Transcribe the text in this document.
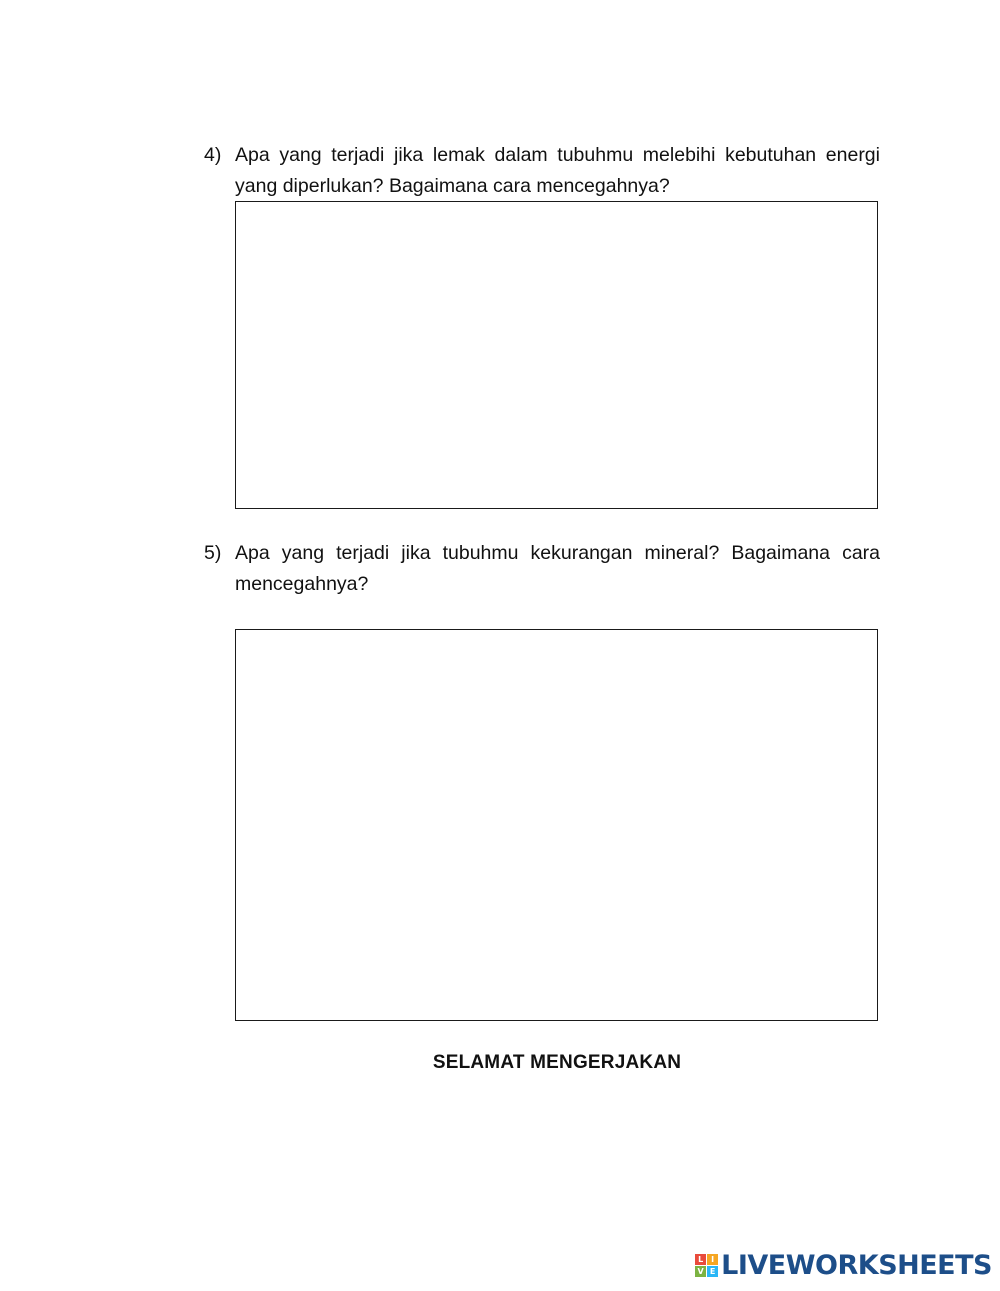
4) Apa yang terjadi jika lemak dalam tubuhmu melebihi kebutuhan energi yang diperlukan? Bagaimana cara mencegahnya?
5) Apa yang terjadi jika tubuhmu kekurangan mineral? Bagaimana cara mencegahnya?
SELAMAT MENGERJAKAN
L I
V E LIVEWORKSHEETS
